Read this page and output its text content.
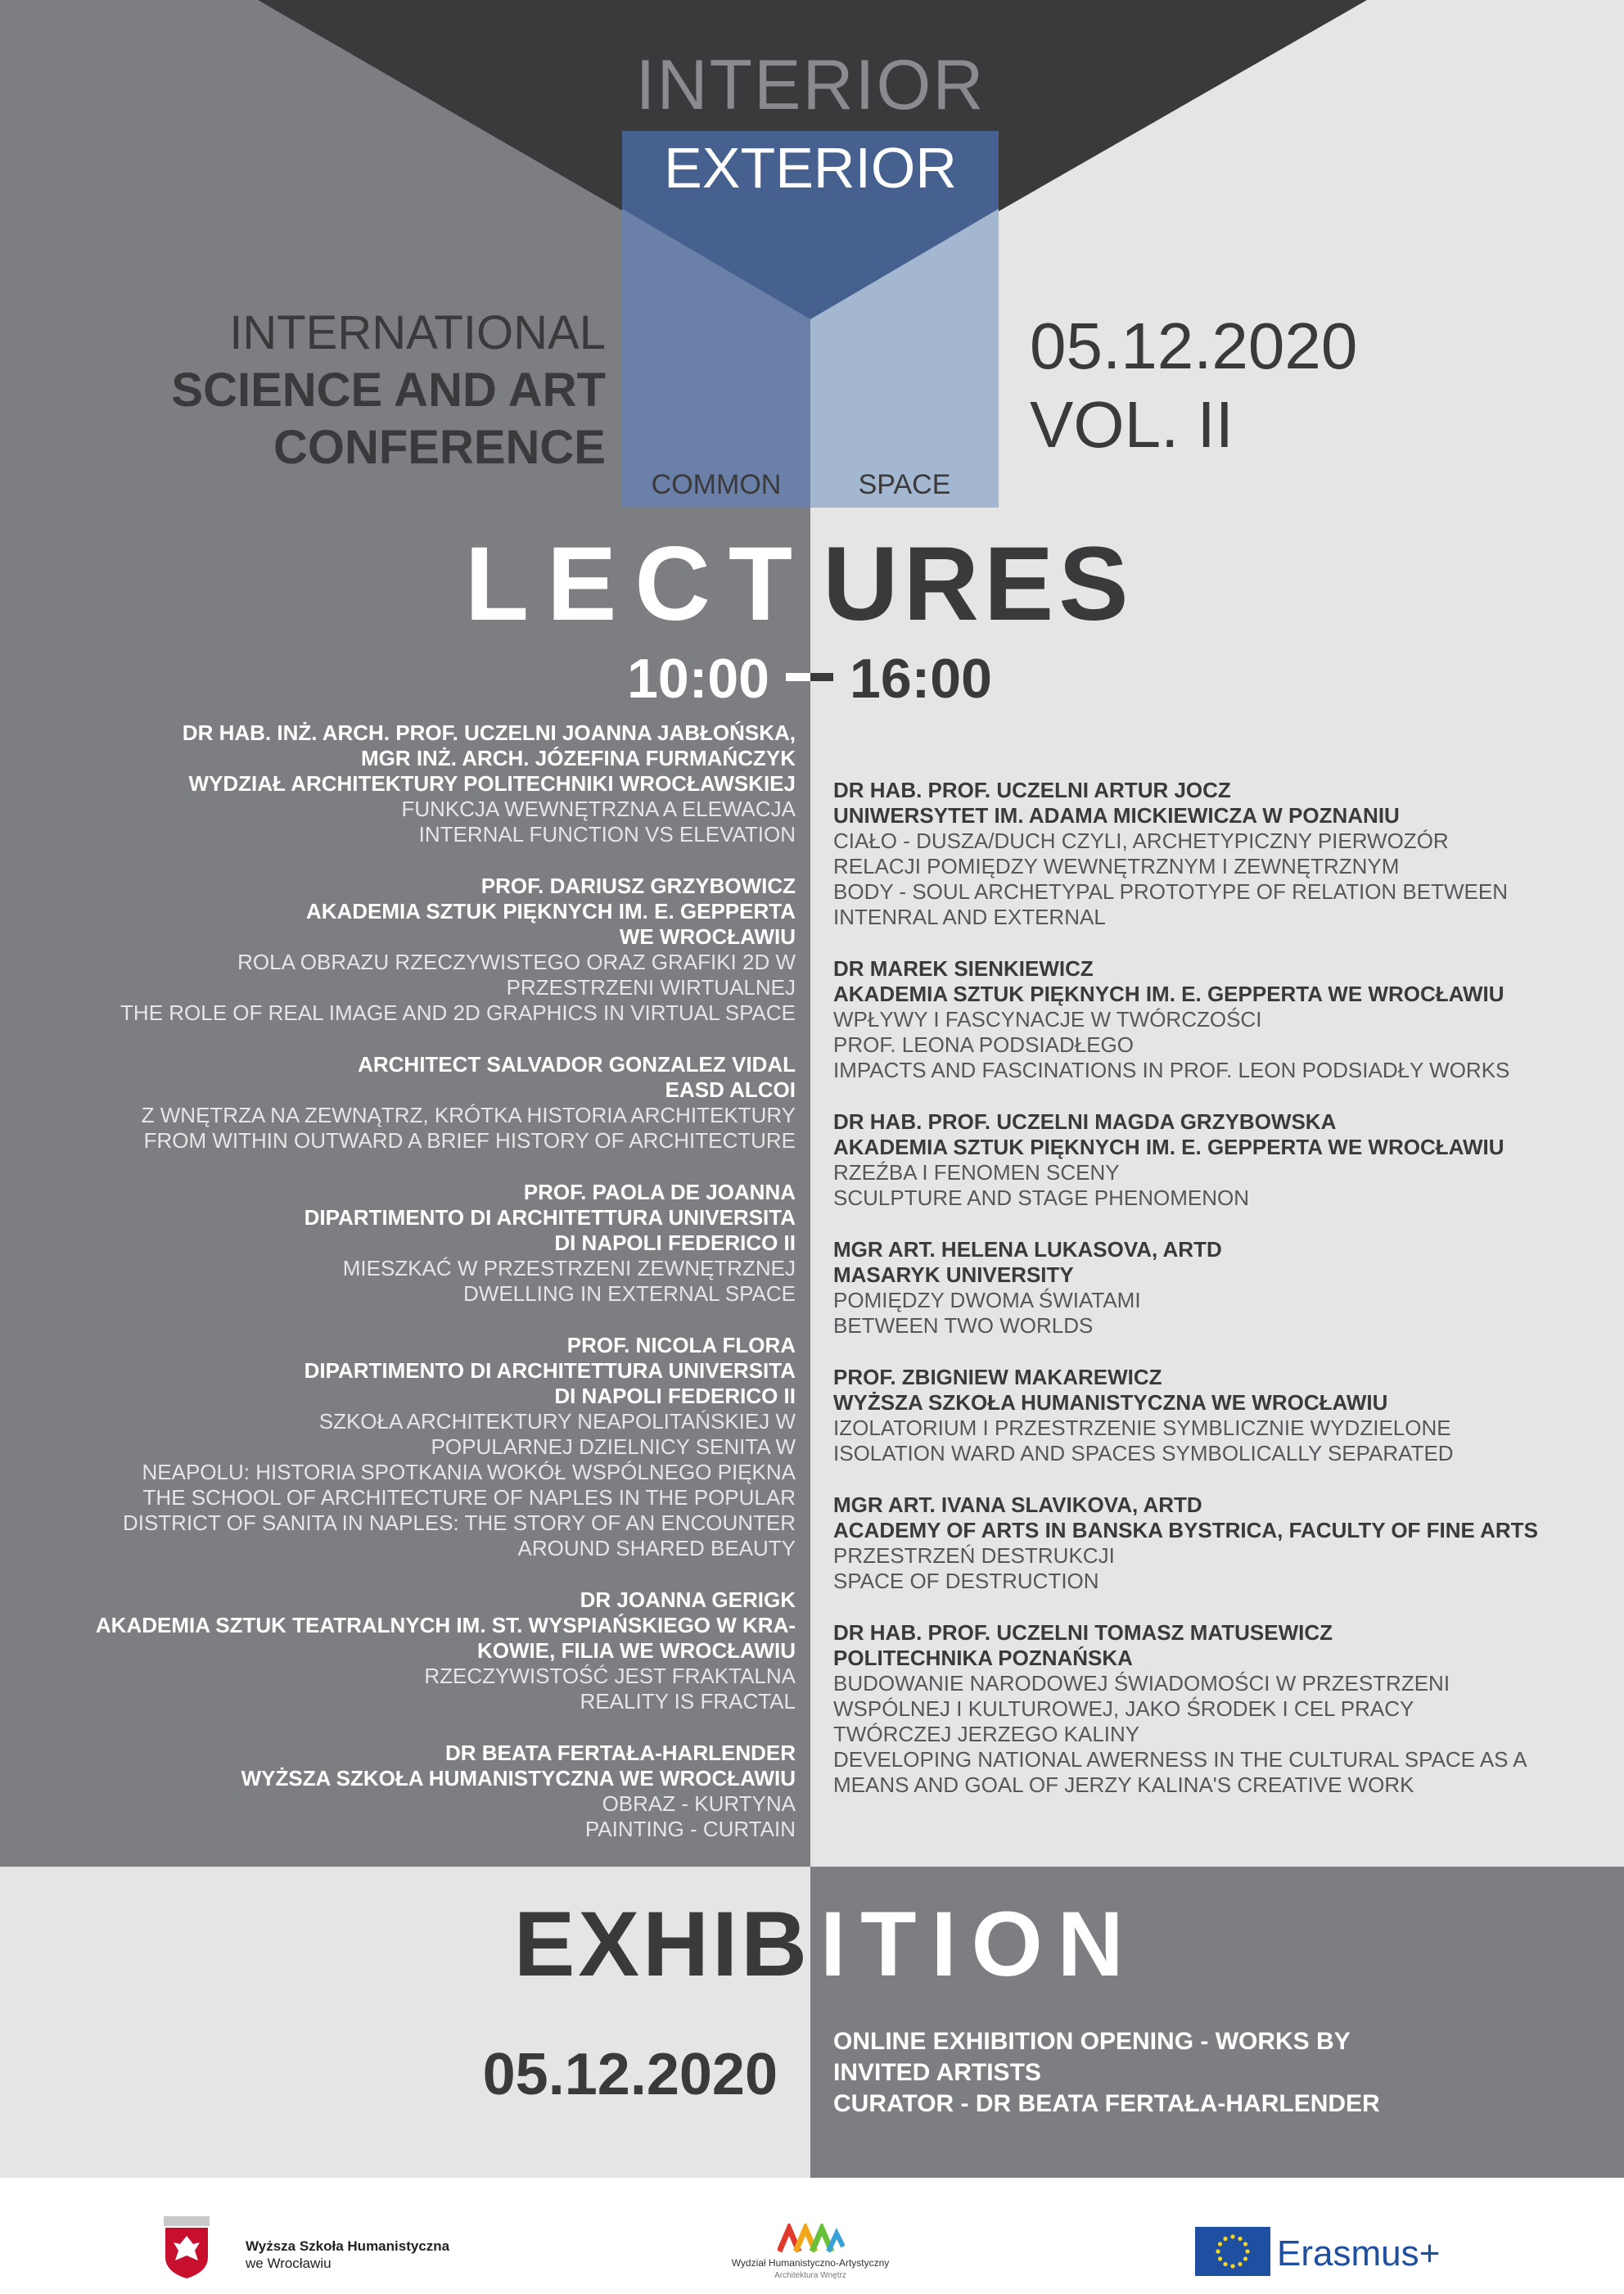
INTERIOR
EXTERIOR
COMMON	SPACE
INTERNATIONAL
SCIENCE AND ART
CONFERENCE
05.12.2020
VOL. II
LECT URES
10:00 16:00
DR HAB. INŻ. ARCH. PROF. UCZELNI JOANNA JABŁOŃSKA,
MGR INŻ. ARCH. JÓZEFINA FURMAŃCZYK
WYDZIAŁ ARCHITEKTURY POLITECHNIKI WROCŁAWSKIEJ
FUNKCJA WEWNĘTRZNA A ELEWACJA
INTERNAL FUNCTION VS ELEVATION
PROF. DARIUSZ GRZYBOWICZ
AKADEMIA SZTUK PIĘKNYCH IM. E. GEPPERTA
WE WROCŁAWIU
ROLA OBRAZU RZECZYWISTEGO ORAZ GRAFIKI 2D W
PRZESTRZENI WIRTUALNEJ
THE ROLE OF REAL IMAGE AND 2D GRAPHICS IN VIRTUAL SPACE
ARCHITECT SALVADOR GONZALEZ VIDAL
EASD ALCOI
Z WNĘTRZA NA ZEWNĄTRZ, KRÓTKA HISTORIA ARCHITEKTURY
FROM WITHIN OUTWARD A BRIEF HISTORY OF ARCHITECTURE
PROF. PAOLA DE JOANNA
DIPARTIMENTO DI ARCHITETTURA UNIVERSITA
DI NAPOLI FEDERICO II
MIESZKAĆ W PRZESTRZENI ZEWNĘTRZNEJ
DWELLING IN EXTERNAL SPACE
PROF. NICOLA FLORA
DIPARTIMENTO DI ARCHITETTURA UNIVERSITA
DI NAPOLI FEDERICO II
SZKOŁA ARCHITEKTURY NEAPOLITAŃSKIEJ W
POPULARNEJ DZIELNICY SENITA W
NEAPOLU: HISTORIA SPOTKANIA WOKÓŁ WSPÓLNEGO PIĘKNA
THE SCHOOL OF ARCHITECTURE OF NAPLES IN THE POPULAR
DISTRICT OF SANITA IN NAPLES: THE STORY OF AN ENCOUNTER
AROUND SHARED BEAUTY
DR JOANNA GERIGK
AKADEMIA SZTUK TEATRALNYCH IM. ST. WYSPIAŃSKIEGO W KRA-
KOWIE, FILIA WE WROCŁAWIU
RZECZYWISTOŚĆ JEST FRAKTALNA
REALITY IS FRACTAL
DR BEATA FERTAŁA-HARLENDER
WYŻSZA SZKOŁA HUMANISTYCZNA WE WROCŁAWIU
OBRAZ - KURTYNA
PAINTING - CURTAIN
DR HAB. PROF. UCZELNI ARTUR JOCZ
UNIWERSYTET IM. ADAMA MICKIEWICZA W POZNANIU
CIAŁO - DUSZA/DUCH CZYLI, ARCHETYPICZNY PIERWOZÓR
RELACJI POMIĘDZY WEWNĘTRZNYM I ZEWNĘTRZNYM
BODY - SOUL ARCHETYPAL PROTOTYPE OF RELATION BETWEEN
INTENRAL AND EXTERNAL
DR MAREK SIENKIEWICZ
AKADEMIA SZTUK PIĘKNYCH IM. E. GEPPERTA WE WROCŁAWIU
WPŁYWY I FASCYNACJE W TWÓRCZOŚCI
PROF. LEONA PODSIADŁEGO
IMPACTS AND FASCINATIONS IN PROF. LEON PODSIADŁY WORKS
DR HAB. PROF. UCZELNI MAGDA GRZYBOWSKA
AKADEMIA SZTUK PIĘKNYCH IM. E. GEPPERTA WE WROCŁAWIU
RZEŹBA I FENOMEN SCENY
SCULPTURE AND STAGE PHENOMENON
MGR ART. HELENA LUKASOVA, ARTD
MASARYK UNIVERSITY
POMIĘDZY DWOMA ŚWIATAMI
BETWEEN TWO WORLDS
PROF. ZBIGNIEW MAKAREWICZ
WYŻSZA SZKOŁA HUMANISTYCZNA WE WROCŁAWIU
IZOLATORIUM I PRZESTRZENIE SYMBLICZNIE WYDZIELONE
ISOLATION WARD AND SPACES SYMBOLICALLY SEPARATED
MGR ART. IVANA SLAVIKOVA, ARTD
ACADEMY OF ARTS IN BANSKA BYSTRICA, FACULTY OF FINE ARTS
PRZESTRZEŃ DESTRUKCJI
SPACE OF DESTRUCTION
DR HAB. PROF. UCZELNI TOMASZ MATUSEWICZ
POLITECHNIKA POZNAŃSKA
BUDOWANIE NARODOWEJ ŚWIADOMOŚCI W PRZESTRZENI
WSPÓLNEJ I KULTUROWEJ, JAKO ŚRODEK I CEL PRACY
TWÓRCZEJ JERZEGO KALINY
DEVELOPING NATIONAL AWERNESS IN THE CULTURAL SPACE AS A
MEANS AND GOAL OF JERZY KALINA'S CREATIVE WORK
EXHIB ITION
05.12.2020
ONLINE EXHIBITION OPENING - WORKS BY
INVITED ARTISTS
CURATOR - DR BEATA FERTAŁA-HARLENDER
Wyższa Szkoła Humanistyczna
we Wrocławiu	Wydział Humanistyczno-Artystyczny
Architektura Wnętrz
Erasmus+
